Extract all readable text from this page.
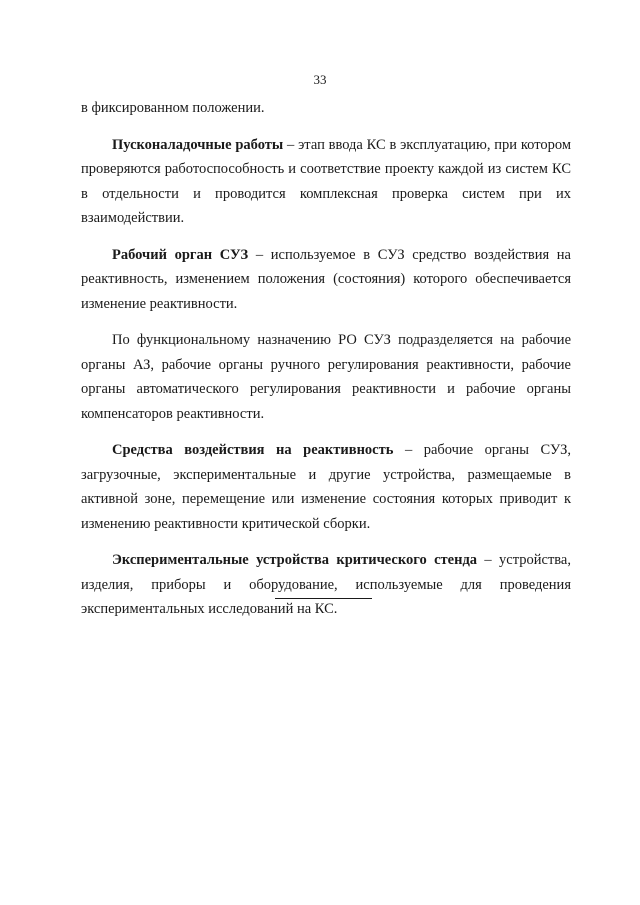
33

в фиксированном положении.

Пусконаладочные работы – этап ввода КС в эксплуатацию, при котором проверяются работоспособность и соответствие проекту каждой из систем КС в отдельности и проводится комплексная проверка систем при их взаимодействии.

Рабочий орган СУЗ – используемое в СУЗ средство воздействия на реактивность, изменением положения (состояния) которого обеспечивается изменение реактивности.

По функциональному назначению РО СУЗ подразделяется на рабочие органы АЗ, рабочие органы ручного регулирования реактивности, рабочие органы автоматического регулирования реактивности и рабочие органы компенсаторов реактивности.

Средства воздействия на реактивность – рабочие органы СУЗ, загрузочные, экспериментальные и другие устройства, размещаемые в активной зоне, перемещение или изменение состояния которых приводит к изменению реактивности критической сборки.

Экспериментальные устройства критического стенда – устройства, изделия, приборы и оборудование, используемые для проведения экспериментальных исследований на КС.
